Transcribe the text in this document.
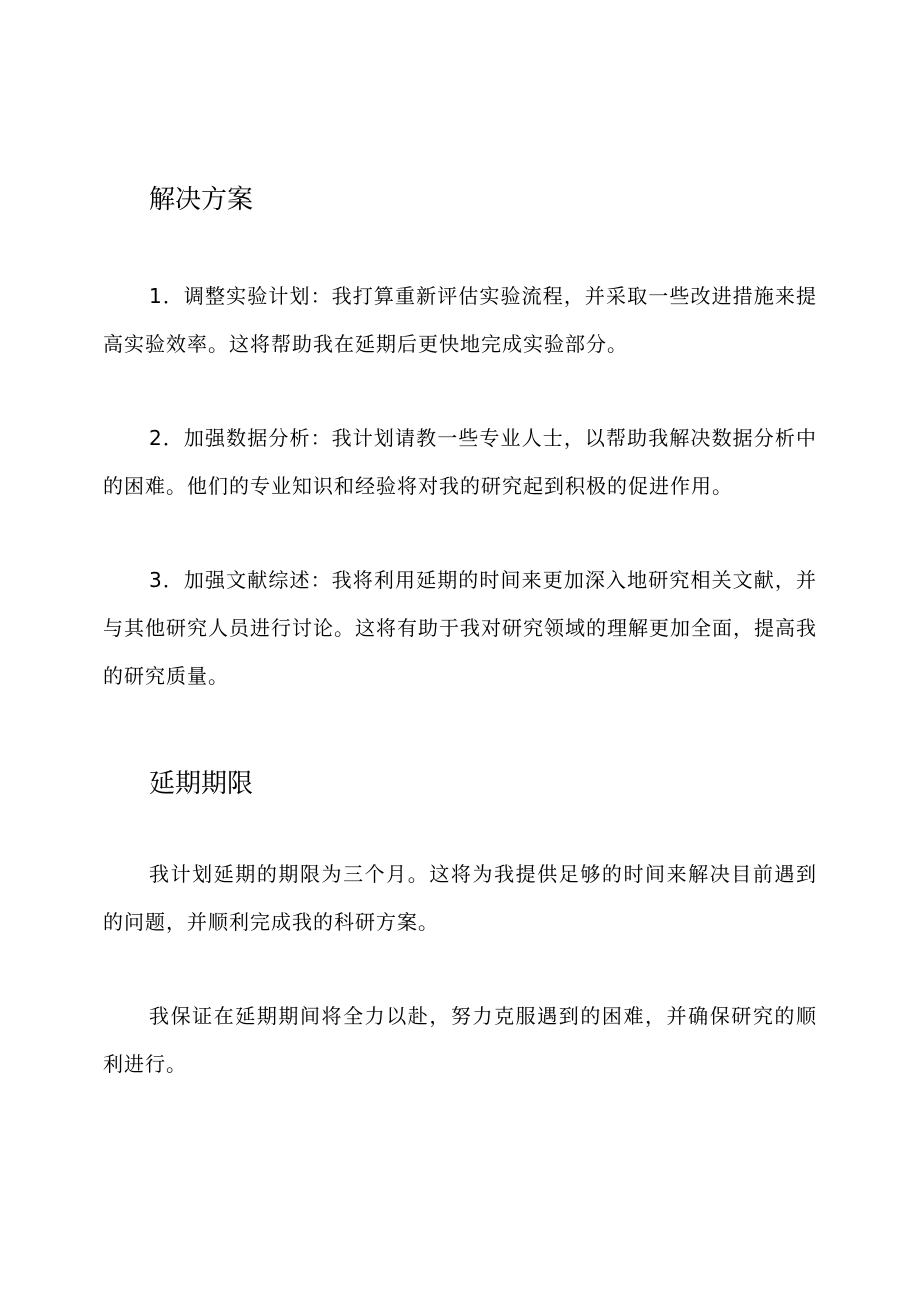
解决方案

1．调整实验计划：我打算重新评估实验流程，并采取一些改进措施来提高实验效率。这将帮助我在延期后更快地完成实验部分。

2．加强数据分析：我计划请教一些专业人士，以帮助我解决数据分析中的困难。他们的专业知识和经验将对我的研究起到积极的促进作用。

3．加强文献综述：我将利用延期的时间来更加深入地研究相关文献，并与其他研究人员进行讨论。这将有助于我对研究领域的理解更加全面，提高我的研究质量。

延期期限

我计划延期的期限为三个月。这将为我提供足够的时间来解决目前遇到的问题，并顺利完成我的科研方案。

我保证在延期期间将全力以赴，努力克服遇到的困难，并确保研究的顺利进行。
